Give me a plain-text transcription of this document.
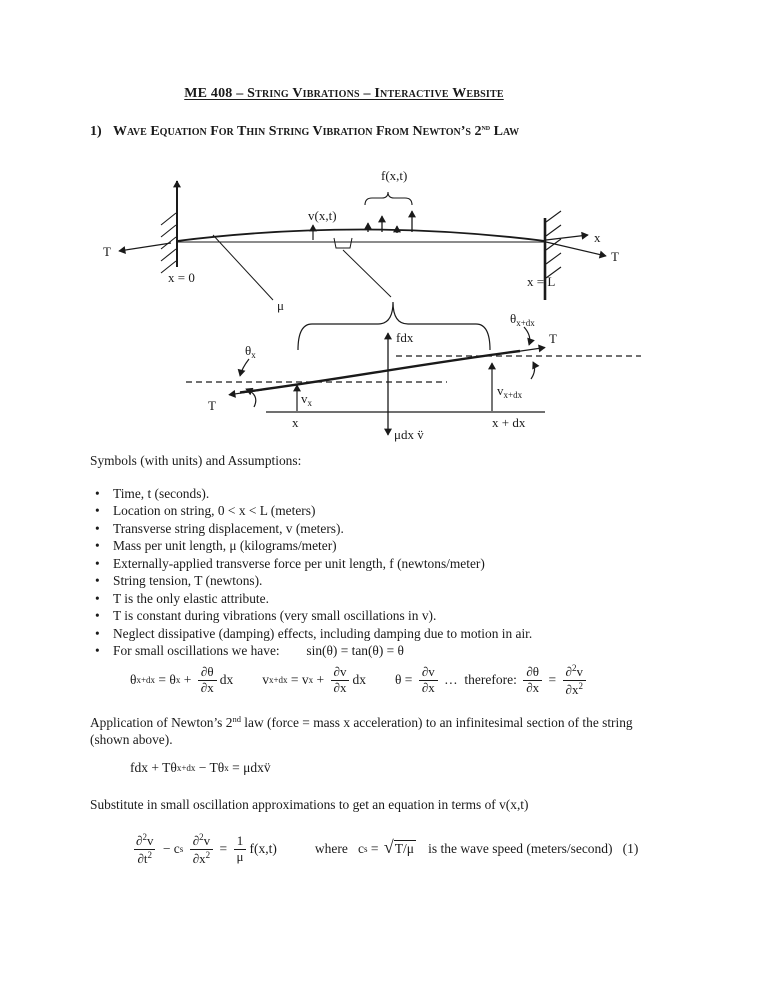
ME 408 – String Vibrations – Interactive Website
1) Wave Equation For Thin String Vibration From Newton’s 2nd Law
T
x = 0
v(x,t)
f(x,t)
x
T
x = L
μ
fdx
μdx v̈
T
T
$\theta_x$
$\theta_{x+dx}$
$v_x$
$v_{x+dx}$
x	x + dx
Symbols (with units) and Assumptions:
• Time, t (seconds).
• Location on string, 0 < x < L (meters)
• Transverse string displacement, v (meters).
• Mass per unit length, μ (kilograms/meter)
• Externally-applied transverse force per unit length, f (newtons/meter)
• String tension, T (newtons).
• T is the only elastic attribute.
• T is constant during vibrations (very small oscillations in v).
• Neglect dissipative (damping) effects, including damping due to motion in air.
• For small oscillations we have:        sin(θ) = tan(θ) = θ
θ x+dx = θ $x + \frac{\partial\theta}{\partial x}$ dx v x+dx = v $x + \frac{\partial v}{\partial x}$ dx $\theta = \frac{\partial v}{\partial x}$ …  therefore: $\frac{\partial\theta}{\partial x} = \frac{\partial^2v}{\partial x^2}$
Application of Newton’s 2nd law (force = mass x acceleration) to an infinitesimal section of the string
(shown above).
fdx + Tθ x+dx − Tθ x = μdx v̈
Substitute in small oscillation approximations to get an equation in terms of v(x,t)
$\frac{\partial^2v}{\partial t^2} - c$ s
$\frac{\partial^2v}{\partial x^2} = \frac{1}{\mu} f(x,t)$	where   c s = √ T/μ is the wave speed (meters/second)   (1)
